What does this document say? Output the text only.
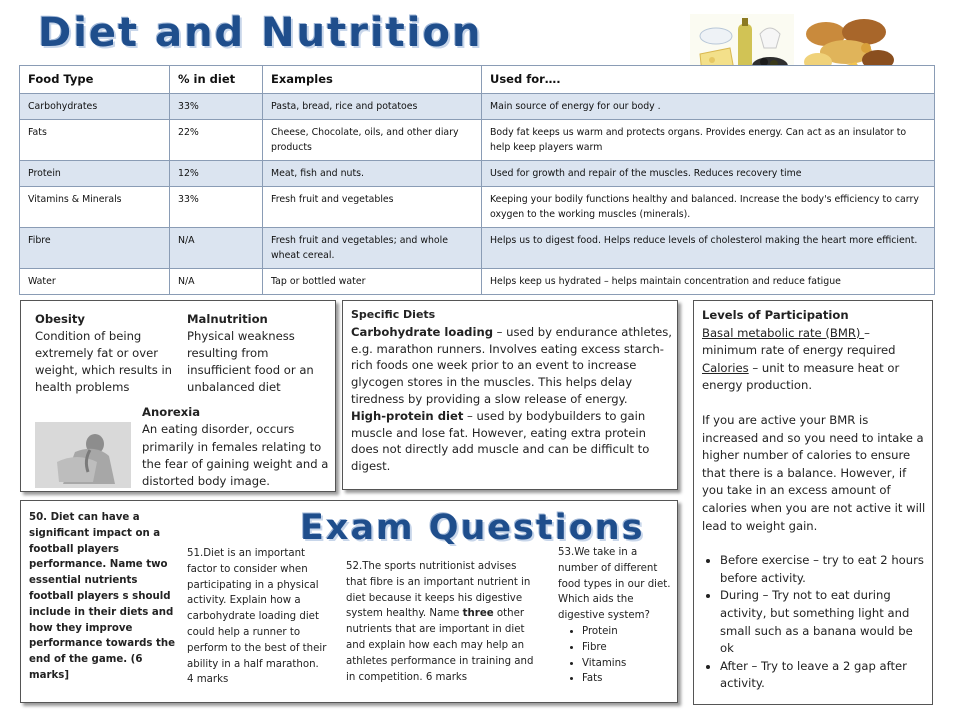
Diet and Nutrition
Food Type	% in diet	Examples	Used for….
Carbohydrates	33%	Pasta, bread, rice and potatoes	Main source of energy for our body .
Fats	22%	Cheese, Chocolate, oils, and other diary products	Body fat keeps us warm and protects organs. Provides energy. Can act as an insulator to help keep players warm
Protein	12%	Meat, fish and nuts.	Used for growth and repair of the muscles. Reduces recovery time
Vitamins & Minerals	33%	Fresh fruit and vegetables	Keeping your bodily functions healthy and balanced. Increase the body's efficiency to carry oxygen to the working muscles (minerals).
Fibre	N/A	Fresh fruit and vegetables; and whole wheat cereal.	Helps us to digest food. Helps reduce levels of cholesterol making the heart more efficient.
Water	N/A	Tap or bottled water	Helps keep us hydrated – helps maintain concentration and reduce fatigue
Obesity
Condition of being extremely fat or over weight, which results in health problems
Malnutrition
Physical weakness resulting from insufficient food or an unbalanced diet
Anorexia
An eating disorder, occurs primarily in females relating to the fear of gaining weight and a distorted body image.
Specific Diets
Carbohydrate loading – used by endurance athletes, e.g. marathon runners. Involves eating excess starch-rich foods one week prior to an event to increase glycogen stores in the muscles. This helps delay tiredness by providing a slow release of energy.
High-protein diet – used by bodybuilders to gain muscle and lose fat. However, eating extra protein does not directly add muscle and can be difficult to digest.
Levels of Participation
Basal metabolic rate (BMR) – minimum rate of energy required
Calories – unit to measure heat or energy production.
If you are active your BMR is increased and so you need to intake a higher number of calories to ensure that there is a balance. However, if you take in an excess amount of calories when you are not active it will lead to weight gain.
• Before exercise – try to eat 2 hours before activity.
• During – Try not to eat during activity, but something light and small such as a banana would be ok
• After – Try to leave a 2 gap after activity.
50. Diet can have a significant impact on a football players performance. Name two essential nutrients football players s should include in their diets and how they improve performance towards the end of the game. (6 marks]
51.Diet is an important factor to consider when participating in a physical activity. Explain how a carbohydrate loading diet could help a runner to perform to the best of their ability in a half marathon. 4 marks
52.The sports nutritionist advises that fibre is an important nutrient in diet because it keeps his digestive system healthy. Name three other nutrients that are important in diet and explain how each may help an athletes performance in training and in competition. 6 marks
53.We take in a number of different food types in our diet. Which aids the digestive system?
• Protein
• Fibre
• Vitamins
• Fats
Exam Questions
